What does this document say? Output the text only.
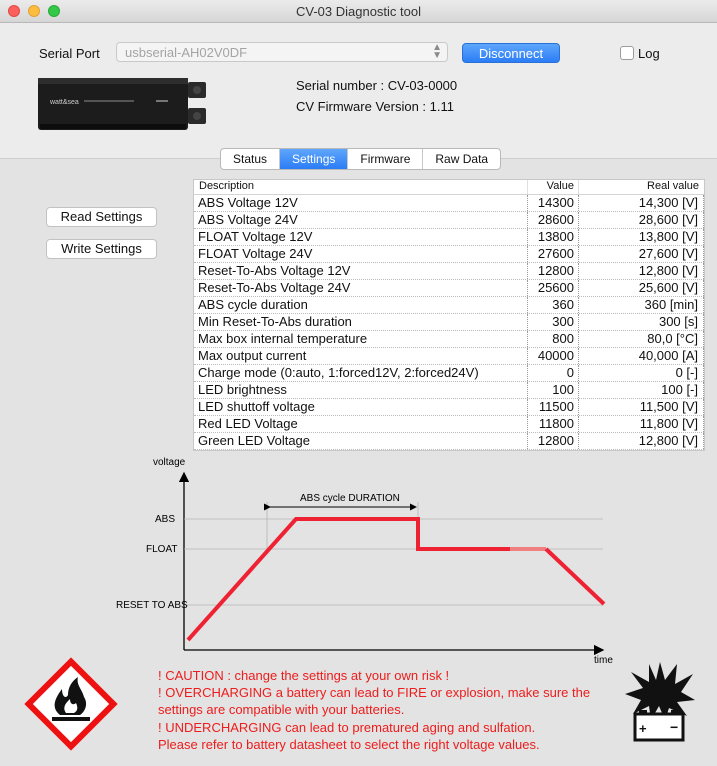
CV-03 Diagnostic tool
Serial Port	usbserial-AH02V0DF	▲
▼	Disconnect	Log
watt&sea
Serial number : CV-03-0000
CV Firmware Version : 1.11
Status	Settings	Firmware	Raw Data
Read Settings
Write Settings
Description	Value	Real value
ABS Voltage 12V	14300	14,300 [V]
ABS Voltage 24V	28600	28,600 [V]
FLOAT Voltage 12V	13800	13,800 [V]
FLOAT Voltage 24V	27600	27,600 [V]
Reset-To-Abs Voltage 12V	12800	12,800 [V]
Reset-To-Abs Voltage 24V	25600	25,600 [V]
ABS cycle duration	360	360 [min]
Min Reset-To-Abs duration	300	300 [s]
Max box internal temperature	800	80,0 [°C]
Max output current	40000	40,000 [A]
Charge mode (0:auto, 1:forced12V, 2:forced24V)	0	0 [-]
LED brightness	100	100 [-]
LED shuttoff voltage	11500	11,500 [V]
Red LED Voltage	11800	11,800 [V]
Green LED Voltage	12800	12,800 [V]
voltage
time
ABS
FLOAT
RESET TO ABS
ABS cycle DURATION
! CAUTION : change the settings at your own risk !
! OVERCHARGING a battery can lead to FIRE or explosion, make sure the settings are compatible with your batteries.
! UNDERCHARGING can lead to prematured aging and sulfation.
Please refer to battery datasheet to select the right voltage values.
+ −
